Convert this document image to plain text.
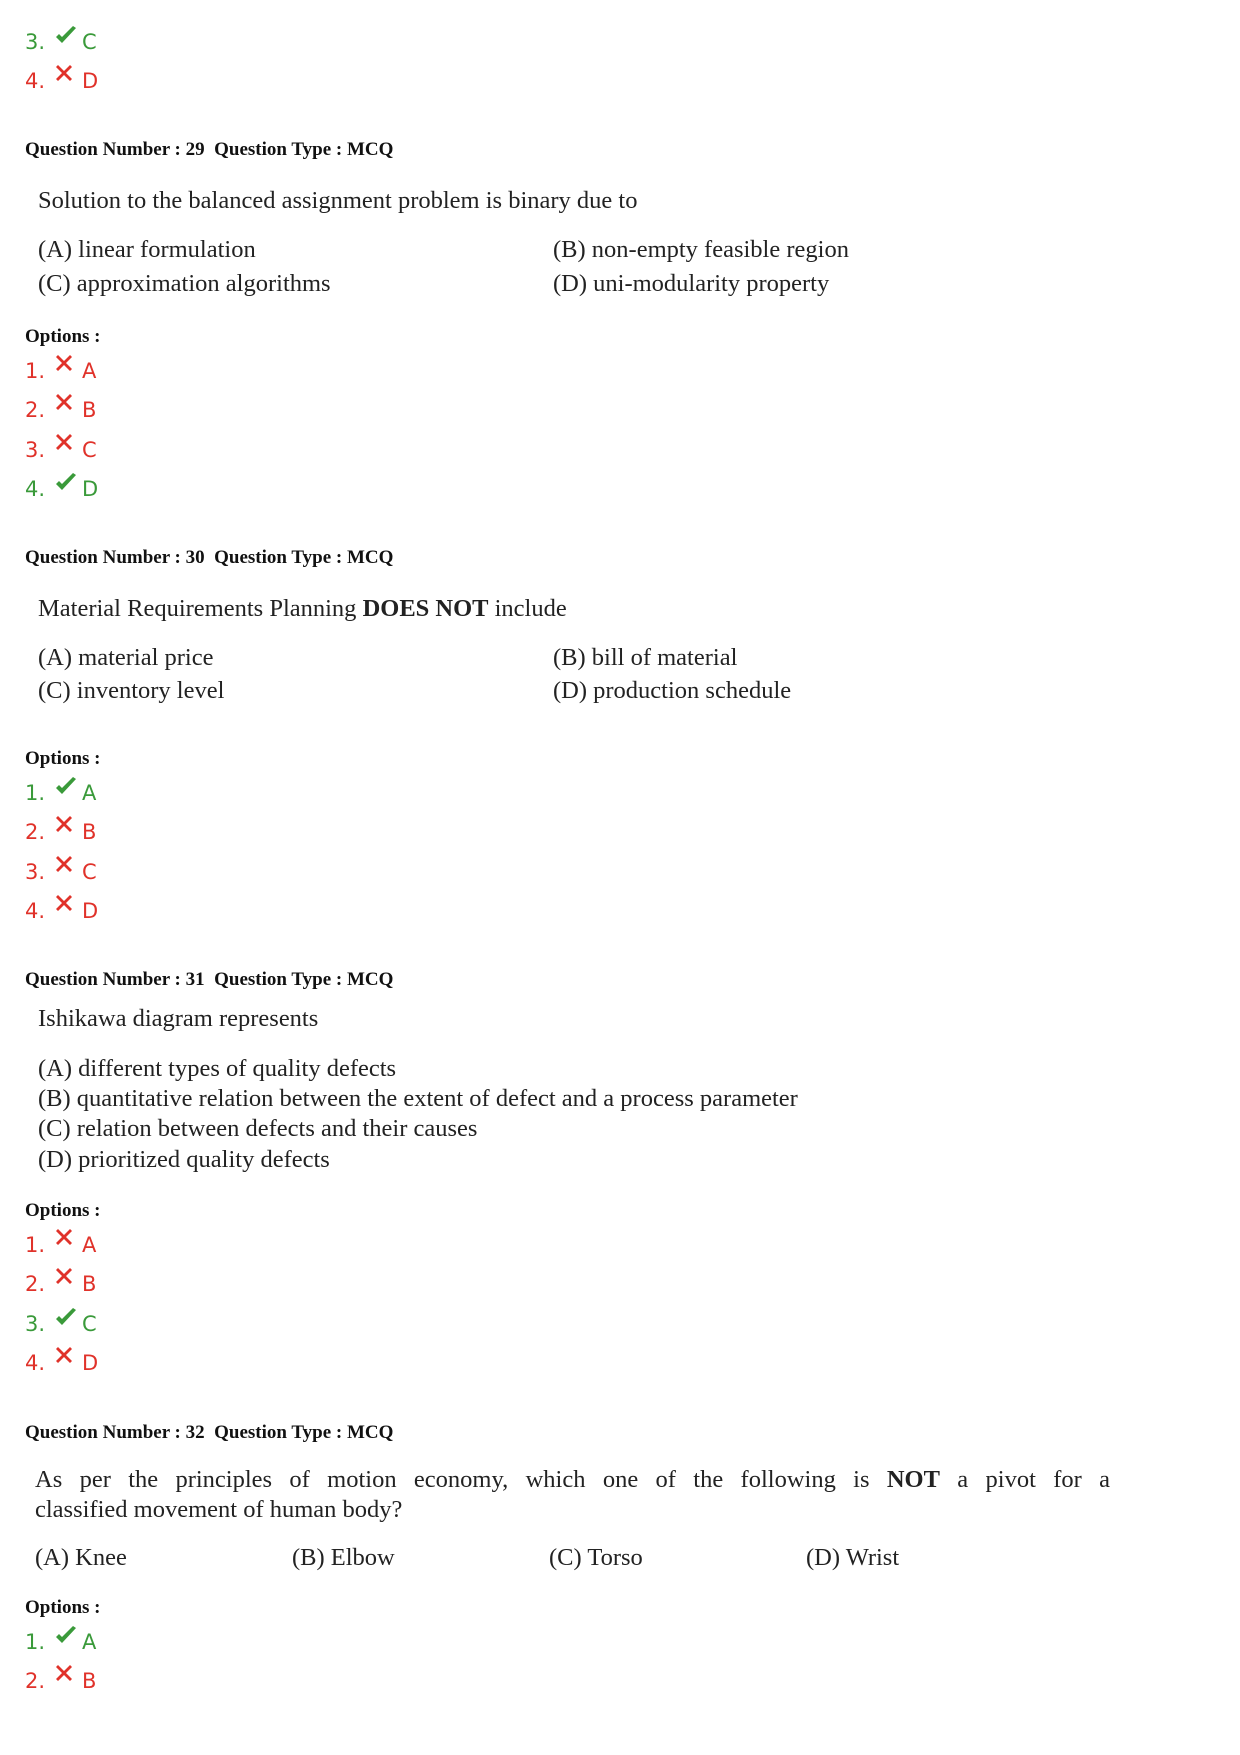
3. C
4. D
Question Number : 29  Question Type : MCQ
Solution to the balanced assignment problem is binary due to
(A) linear formulation	(B) non-empty feasible region
(C) approximation algorithms	(D) uni-modularity property
Options :
1. A
2. B
3. C
4. D
Question Number : 30  Question Type : MCQ
Material Requirements Planning DOES NOT include
(A) material price	(B) bill of material
(C) inventory level	(D) production schedule
Options :
1. A
2. B
3. C
4. D
Question Number : 31  Question Type : MCQ
Ishikawa diagram represents
(A) different types of quality defects
(B) quantitative relation between the extent of defect and a process parameter
(C) relation between defects and their causes
(D) prioritized quality defects
Options :
1. A
2. B
3. C
4. D
Question Number : 32  Question Type : MCQ
As per the principles of motion economy, which one of the following is NOT a pivot for a
classified movement of human body?
(A) Knee	(B) Elbow	(C) Torso	(D) Wrist
Options :
1. A
2. B
